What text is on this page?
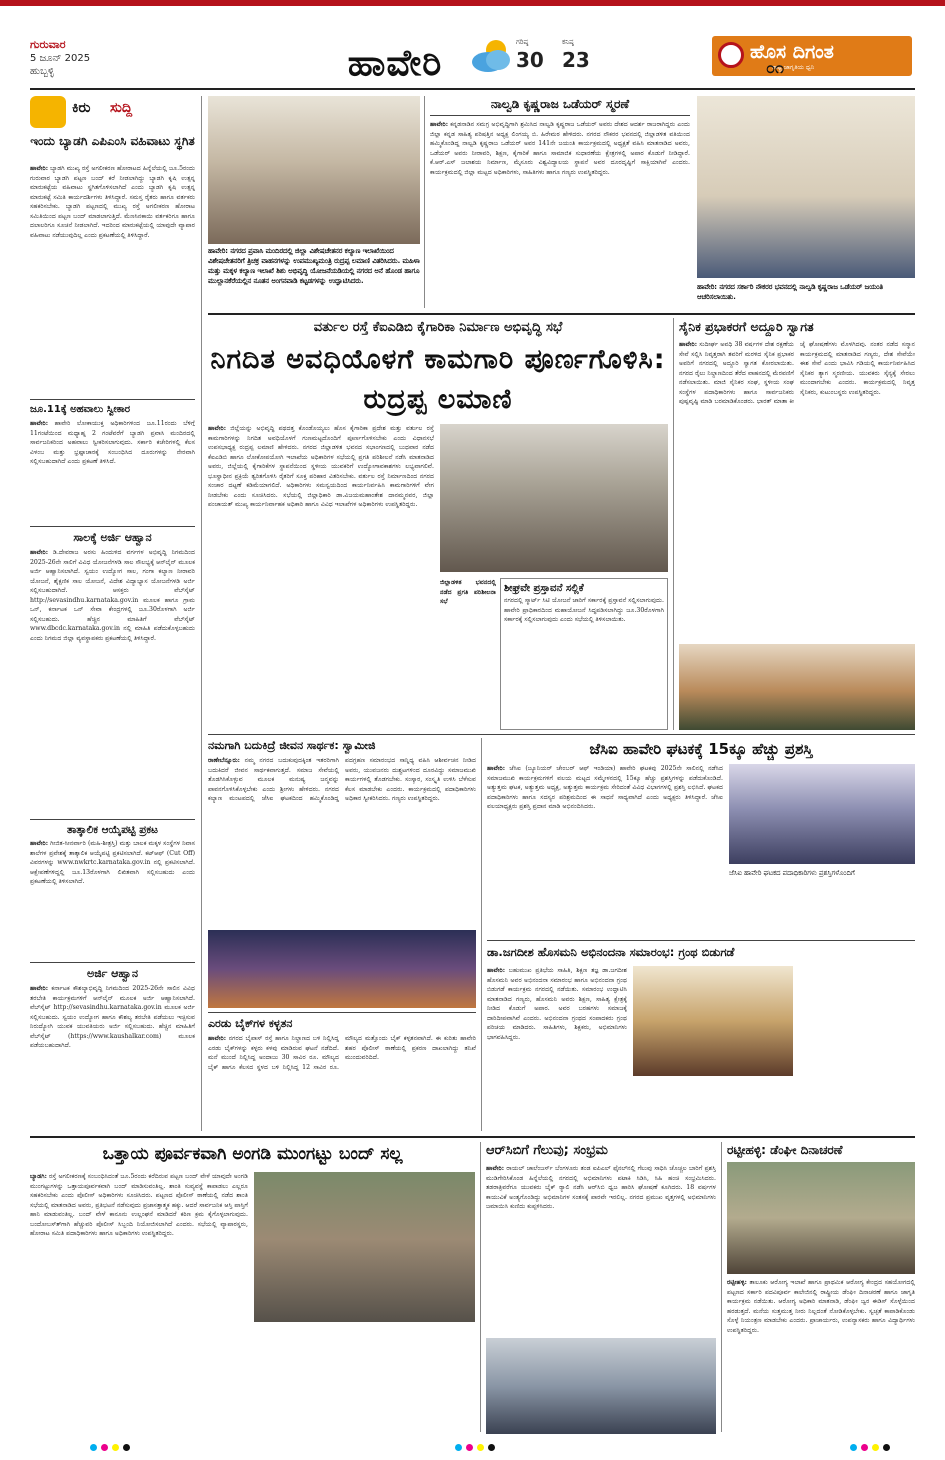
ಗುರುವಾರ
5 ಜೂನ್ 2025
ಹುಬ್ಬಳ್ಳಿ	ಹಾವೇರಿ
ಗರಿಷ್ಠ
30
ಕನಿಷ್ಠ
23	ಹೊಸ ದಿಗಂತ
ರಾಷ್ಟ್ರ ಜಾಗೃತಿಯ ಧ್ವನಿ
೦೧
ಕಿರು ಸುದ್ದಿ
ಇಂದು ಬ್ಯಾಡಗಿ ಎಪಿಎಂಸಿ ವಹಿವಾಟು ಸ್ಥಗಿತ
ಹಾವೇರಿ: ಬ್ಯಾಡಗಿ ಮುಖ್ಯ ರಸ್ತೆ ಅಗಲೀಕರಣ ಹೋರಾಟದ ಹಿನ್ನೆಲೆಯಲ್ಲಿ ಜೂ.5ರಂದು ಗುರುವಾರ ಬ್ಯಾಡಗಿ ಪಟ್ಟಣ ಬಂದ್ ಕರೆ ನೀಡಲಾಗಿದ್ದು ಬ್ಯಾಡಗಿ ಕೃಷಿ ಉತ್ಪನ್ನ ಮಾರುಕಟ್ಟೆಯ ವಹಿವಾಟು ಸ್ಥಗಿತಗೊಳಿಸಲಾಗಿದೆ ಎಂದು ಬ್ಯಾಡಗಿ ಕೃಷಿ ಉತ್ಪನ್ನ ಮಾರುಕಟ್ಟೆ ಸಮಿತಿ ಕಾರ್ಯದರ್ಶಿಗಳು ತಿಳಿಸಿದ್ದಾರೆ. ಸಮಸ್ತ ರೈತರು ಹಾಗೂ ವರ್ತಕರು ಸಹಕರಿಸಬೇಕು. ಬ್ಯಾಡಗಿ ಪಟ್ಟಣದಲ್ಲಿ ಮುಖ್ಯ ರಸ್ತೆ ಅಗಲೀಕರಣ ಹೋರಾಟ ಸಮಿತಿಯಿಂದ ಪಟ್ಟಣ ಬಂದ್ ಮಾಡಲಾಗುತ್ತಿದೆ. ಮೆಣಸಿನಕಾಯಿ ವರ್ತಕರಿಗೂ ಹಾಗೂ ದಲಾಲರಿಗೂ ಸೂಚನೆ ನೀಡಲಾಗಿದೆ. ಇದರಿಂದ ಮಾರುಕಟ್ಟೆಯಲ್ಲಿ ಯಾವುದೇ ವ್ಯಾಪಾರ ವಹಿವಾಟು ನಡೆಯುವುದಿಲ್ಲ ಎಂದು ಪ್ರಕಟಣೆಯಲ್ಲಿ ತಿಳಿಸಿದ್ದಾರೆ.
ಜೂ.11ಕ್ಕೆ ಅಹವಾಲು ಸ್ವೀಕಾರ
ಹಾವೇರಿ: ಹಾವೇರಿ ಲೋಕಾಯುಕ್ತ ಅಧಿಕಾರಿಗಳಿಂದ ಜೂ.11ರಂದು ಬೆಳಿಗ್ಗೆ 11ಗಂಟೆಯಿಂದ ಮಧ್ಯಾಹ್ನ 2 ಗಂಟೆವರೆಗೆ ಬ್ಯಾಡಗಿ ಪ್ರವಾಸಿ ಮಂದಿರದಲ್ಲಿ ಸಾರ್ವಜನಿಕರಿಂದ ಅಹವಾಲು ಸ್ವೀಕರಿಸಲಾಗುವುದು. ಸರ್ಕಾರಿ ಕಚೇರಿಗಳಲ್ಲಿ ಕೆಲಸ ವಿಳಂಬ ಮತ್ತು ಭ್ರಷ್ಟಾಚಾರಕ್ಕೆ ಸಂಬಂಧಿಸಿದ ದೂರುಗಳನ್ನು ನೇರವಾಗಿ ಸಲ್ಲಿಸಬಹುದಾಗಿದೆ ಎಂದು ಪ್ರಕಟಣೆ ತಿಳಿಸಿದೆ.
ಸಾಲಕ್ಕೆ ಅರ್ಜಿ ಆಹ್ವಾನ
ಹಾವೇರಿ: ಡಿ.ದೇವರಾಜ ಅರಸು ಹಿಂದುಳಿದ ವರ್ಗಗಳ ಅಭಿವೃದ್ಧಿ ನಿಗಮದಿಂದ 2025-26ನೇ ಸಾಲಿಗೆ ವಿವಿಧ ಯೋಜನೆಗಳಡಿ ಸಾಲ ಸೌಲಭ್ಯಕ್ಕೆ ಆನ್‍ಲೈನ್ ಮೂಲಕ ಅರ್ಜಿ ಆಹ್ವಾನಿಸಲಾಗಿದೆ. ಸ್ವಯಂ ಉದ್ಯೋಗ ಸಾಲ, ಗಂಗಾ ಕಲ್ಯಾಣ ನೀರಾವರಿ ಯೋಜನೆ, ಶೈಕ್ಷಣಿಕ ಸಾಲ ಯೋಜನೆ, ವಿದೇಶ ವಿದ್ಯಾಭ್ಯಾಸ ಯೋಜನೆಗಳಡಿ ಅರ್ಜಿ ಸಲ್ಲಿಸಬಹುದಾಗಿದೆ. ಆಸಕ್ತರು ವೆಬ್‍ಸೈಟ್ http://sevasindhu.karnataka.gov.in ಮೂಲಕ ಹಾಗೂ ಗ್ರಾಮ ಒನ್, ಕರ್ನಾಟಕ ಒನ್ ಸೇವಾ ಕೇಂದ್ರಗಳಲ್ಲಿ ಜೂ.30ರೊಳಗಾಗಿ ಅರ್ಜಿ ಸಲ್ಲಿಸಬಹುದು. ಹೆಚ್ಚಿನ ಮಾಹಿತಿಗೆ ವೆಬ್‍ಸೈಟ್ www.dbcdc.karnataka.gov.in ನಲ್ಲಿ ಮಾಹಿತಿ ಪಡೆದುಕೊಳ್ಳಬಹುದು ಎಂದು ನಿಗಮದ ಜಿಲ್ಲಾ ವ್ಯವಸ್ಥಾಪಕರು ಪ್ರಕಟಣೆಯಲ್ಲಿ ತಿಳಿಸಿದ್ದಾರೆ.
ತಾತ್ಕಾಲಿಕ ಆಯ್ಕೆಪಟ್ಟಿ ಪ್ರಕಟ
ಹಾವೇರಿ: ಗೀಜಿತ-ಸೀನರ್ವಾರಿ (ಮಹಿ-ಶೀತ್ರಸ್ತಿ) ಮತ್ತು ಬಾಲಕ ಮಕ್ಕಳ ಸಂಸ್ಥೆಗಳ ನಿವಾಸ ಶಾಲೆಗಳ ಪ್ರವೇಶಕ್ಕೆ ತಾತ್ಕಾಲಿಕ ಆಯ್ಕೆಪಟ್ಟಿ ಪ್ರಕಟಿಸಲಾಗಿದೆ. ಕಟ್‍ಆಫ್ (Cut Off) ವಿವರಗಳನ್ನು www.nwkrtc.karnataka.gov.in ನಲ್ಲಿ ಪ್ರಕಟಿಸಲಾಗಿದೆ. ಆಕ್ಷೇಪಣೆಗಳಿದ್ದಲ್ಲಿ ಜೂ.13ರೊಳಗಾಗಿ ಲಿಖಿತವಾಗಿ ಸಲ್ಲಿಸಬಹುದು ಎಂದು ಪ್ರಕಟಣೆಯಲ್ಲಿ ತಿಳಿಸಲಾಗಿದೆ.
ಅರ್ಜಿ ಆಹ್ವಾನ
ಹಾವೇರಿ: ಕರ್ನಾಟಕ ಕೌಶಲ್ಯಾಭಿವೃದ್ಧಿ ನಿಗಮದಿಂದ 2025-26ನೇ ಸಾಲಿನ ವಿವಿಧ ತರಬೇತಿ ಕಾರ್ಯಕ್ರಮಗಳಿಗೆ ಆನ್‍ಲೈನ್ ಮೂಲಕ ಅರ್ಜಿ ಆಹ್ವಾನಿಸಲಾಗಿದೆ. ವೆಬ್‍ಸೈಟ್ http://sevasindhu.karnataka.gov.in ಮೂಲಕ ಅರ್ಜಿ ಸಲ್ಲಿಸಬಹುದು. ಸ್ವಯಂ ಉದ್ಯೋಗ ಹಾಗೂ ಕೌಶಲ್ಯ ತರಬೇತಿ ಪಡೆಯಲು ಇಚ್ಛಿಸುವ ನಿರುದ್ಯೋಗಿ ಯುವಕ ಯುವತಿಯರು ಅರ್ಜಿ ಸಲ್ಲಿಸಬಹುದು. ಹೆಚ್ಚಿನ ಮಾಹಿತಿಗೆ ವೆಬ್‍ಸೈಟ್ (https://www.kaushalkar.com) ಮೂಲಕ ಪಡೆಯಬಹುದಾಗಿದೆ.
ಹಾವೇರಿ: ನಗರದ ಪ್ರವಾಸಿ ಮಂದಿರದಲ್ಲಿ ಜಿಲ್ಲಾ ವಿಶೇಷಚೇತನರ ಕಲ್ಯಾಣ ಇಲಾಖೆಯಿಂದ ವಿಶೇಷಚೇತನರಿಗೆ ತ್ರಿಚಕ್ರ ವಾಹನಗಳನ್ನು ಉಪಮುಖ್ಯಮಂತ್ರಿ ರುದ್ರಪ್ಪ ಲಮಾಣಿ ವಿತರಿಸಿದರು. ಮಹಿಳಾ ಮತ್ತು ಮಕ್ಕಳ ಕಲ್ಯಾಣ ಇಲಾಖೆ ಶಿಶು ಅಭಿವೃದ್ಧಿ ಯೋಜನೆಯಡಿಯಲ್ಲಿ ನಗರದ ಅನೆ ಹೊಂಡ ಹಾಗೂ ಮುಲ್ಲಾನಕೆರೆಯಲ್ಲಿನ ನೂತನ ಅಂಗನವಾಡಿ ಕಟ್ಟಡಗಳನ್ನು ಉದ್ಘಾಟಿಸಿದರು.
ನಾಲ್ವಡಿ ಕೃಷ್ಣರಾಜ ಒಡೆಯರ್ ಸ್ಮರಣೆ
ಹಾವೇರಿ: ಕನ್ನಡನಾಡಿನ ಸಮಗ್ರ ಅಭಿವೃದ್ಧಿಗಾಗಿ ಶ್ರಮಿಸಿದ ನಾಲ್ವಡಿ ಕೃಷ್ಣರಾಜ ಒಡೆಯರ್ ಅವರು ದೇಶದ ಆದರ್ಶ ರಾಜರಾಗಿದ್ದರು ಎಂದು ಜಿಲ್ಲಾ ಕನ್ನಡ ಸಾಹಿತ್ಯ ಪರಿಷತ್ತಿನ ಅಧ್ಯಕ್ಷ ಲಿಂಗಯ್ಯ ಬಿ. ಹಿರೇಮಠ ಹೇಳಿದರು. ನಗರದ ನೌಕರರ ಭವನದಲ್ಲಿ ಜಿಲ್ಲಾಡಳಿತ ವತಿಯಿಂದ ಹಮ್ಮಿಕೊಂಡಿದ್ದ ನಾಲ್ವಡಿ ಕೃಷ್ಣರಾಜ ಒಡೆಯರ್ ಅವರ 141ನೇ ಜಯಂತಿ ಕಾರ್ಯಕ್ರಮದಲ್ಲಿ ಅಧ್ಯಕ್ಷತೆ ವಹಿಸಿ ಮಾತನಾಡಿದ ಅವರು, ಒಡೆಯರ್ ಅವರು ನೀರಾವರಿ, ಶಿಕ್ಷಣ, ಕೈಗಾರಿಕೆ ಹಾಗೂ ಸಾಮಾಜಿಕ ಸುಧಾರಣೆಯ ಕ್ಷೇತ್ರಗಳಲ್ಲಿ ಅಪಾರ ಕೊಡುಗೆ ನೀಡಿದ್ದಾರೆ. ಕೆ.ಆರ್.ಎಸ್ ಜಲಾಶಯ ನಿರ್ಮಾಣ, ಮೈಸೂರು ವಿಶ್ವವಿದ್ಯಾಲಯ ಸ್ಥಾಪನೆ ಅವರ ದೂರದೃಷ್ಟಿಗೆ ಸಾಕ್ಷಿಯಾಗಿವೆ ಎಂದರು. ಕಾರ್ಯಕ್ರಮದಲ್ಲಿ ಜಿಲ್ಲಾ ಮಟ್ಟದ ಅಧಿಕಾರಿಗಳು, ಸಾಹಿತಿಗಳು ಹಾಗೂ ಗಣ್ಯರು ಉಪಸ್ಥಿತರಿದ್ದರು.
ಹಾವೇರಿ: ನಗರದ ಸರ್ಕಾರಿ ನೌಕರರ ಭವನದಲ್ಲಿ ನಾಲ್ವಡಿ ಕೃಷ್ಣರಾಜ ಒಡೆಯರ್ ಜಯಂತಿ ಆಚರಿಸಲಾಯಿತು.
ವರ್ತುಲ ರಸ್ತೆ ಕೆಐಎಡಿಬಿ ಕೈಗಾರಿಕಾ ನಿರ್ಮಾಣ ಅಭಿವೃದ್ಧಿ ಸಭೆ
ನಿಗದಿತ ಅವಧಿಯೊಳಗೆ ಕಾಮಗಾರಿ ಪೂರ್ಣಗೊಳಿಸಿ: ರುದ್ರಪ್ಪ ಲಮಾಣಿ
ಹಾವೇರಿ: ಜಿಲ್ಲೆಯನ್ನು ಅಭಿವೃದ್ಧಿ ಪಥದತ್ತ ಕೊಂಡೊಯ್ಯಲು ಹೊಸ ಕೈಗಾರಿಕಾ ಪ್ರದೇಶ ಮತ್ತು ವರ್ತುಲ ರಸ್ತೆ ಕಾಮಗಾರಿಗಳನ್ನು ನಿಗದಿತ ಅವಧಿಯೊಳಗೆ ಗುಣಮಟ್ಟದೊಂದಿಗೆ ಪೂರ್ಣಗೊಳಿಸಬೇಕು ಎಂದು ವಿಧಾನಸಭೆ ಉಪಸಭಾಧ್ಯಕ್ಷ ರುದ್ರಪ್ಪ ಲಮಾಣಿ ಹೇಳಿದರು. ನಗರದ ಜಿಲ್ಲಾಡಳಿತ ಭವನದ ಸಭಾಂಗಣದಲ್ಲಿ ಬುಧವಾರ ನಡೆದ ಕೆಐಎಡಿಬಿ ಹಾಗೂ ಲೋಕೋಪಯೋಗಿ ಇಲಾಖೆಯ ಅಧಿಕಾರಿಗಳ ಸಭೆಯಲ್ಲಿ ಪ್ರಗತಿ ಪರಿಶೀಲನೆ ನಡೆಸಿ ಮಾತನಾಡಿದ ಅವರು, ಜಿಲ್ಲೆಯಲ್ಲಿ ಕೈಗಾರಿಕೆಗಳ ಸ್ಥಾಪನೆಯಿಂದ ಸ್ಥಳೀಯ ಯುವಕರಿಗೆ ಉದ್ಯೋಗಾವಕಾಶಗಳು ಲಭ್ಯವಾಗಲಿವೆ. ಭೂಸ್ವಾಧೀನ ಪ್ರಕ್ರಿಯೆ ತ್ವರಿತಗೊಳಿಸಿ ರೈತರಿಗೆ ಸೂಕ್ತ ಪರಿಹಾರ ವಿತರಿಸಬೇಕು. ವರ್ತುಲ ರಸ್ತೆ ನಿರ್ಮಾಣದಿಂದ ನಗರದ ಸಂಚಾರ ದಟ್ಟಣೆ ಕಡಿಮೆಯಾಗಲಿದೆ. ಅಧಿಕಾರಿಗಳು ಸಮನ್ವಯದಿಂದ ಕಾರ್ಯನಿರ್ವಹಿಸಿ ಕಾಮಗಾರಿಗಳಿಗೆ ವೇಗ ನೀಡಬೇಕು ಎಂದು ಸೂಚಿಸಿದರು. ಸಭೆಯಲ್ಲಿ ಜಿಲ್ಲಾಧಿಕಾರಿ ಡಾ.ವಿಜಯಮಹಾಂತೇಶ ದಾನಮ್ಮನವರ, ಜಿಲ್ಲಾ ಪಂಚಾಯತ್ ಮುಖ್ಯ ಕಾರ್ಯನಿರ್ವಾಹಕ ಅಧಿಕಾರಿ ಹಾಗೂ ವಿವಿಧ ಇಲಾಖೆಗಳ ಅಧಿಕಾರಿಗಳು ಉಪಸ್ಥಿತರಿದ್ದರು.
ಶೀಘ್ರವೇ ಪ್ರಸ್ತಾವನೆ ಸಲ್ಲಿಕೆ
ನಗರದಲ್ಲಿ ಸ್ಮಾರ್ಟ್ ಸಿಟಿ ಯೋಜನೆ ಜಾರಿಗೆ ಸರ್ಕಾರಕ್ಕೆ ಪ್ರಸ್ತಾವನೆ ಸಲ್ಲಿಸಲಾಗುವುದು. ಹಾವೇರಿ ಪ್ರಾಧಿಕಾರದಿಂದ ಮಹಾಯೋಜನೆ ಸಿದ್ಧಪಡಿಸಲಾಗಿದ್ದು ಜೂ.30ರೊಳಗಾಗಿ ಸರ್ಕಾರಕ್ಕೆ ಸಲ್ಲಿಸಲಾಗುವುದು ಎಂದು ಸಭೆಯಲ್ಲಿ ತಿಳಿಸಲಾಯಿತು.
ಜಿಲ್ಲಾಡಳಿತ ಭವನದಲ್ಲಿ ನಡೆದ ಪ್ರಗತಿ ಪರಿಶೀಲನಾ ಸಭೆ
ಸೈನಿಕ ಪ್ರಭಾಕರಗೆ ಅದ್ದೂರಿ ಸ್ವಾಗತ
ಹಾವೇರಿ: ಸುದೀರ್ಘ ಅವಧಿ 38 ವರ್ಷಗಳ ದೇಶ ರಕ್ಷಣೆಯ ಸೇವೆ ಸಲ್ಲಿಸಿ ನಿವೃತ್ತರಾಗಿ ತವರಿಗೆ ಮರಳಿದ ಸೈನಿಕ ಪ್ರಭಾಕರ ಅವರಿಗೆ ನಗರದಲ್ಲಿ ಅದ್ದೂರಿ ಸ್ವಾಗತ ಕೋರಲಾಯಿತು. ನಗರದ ರೈಲು ನಿಲ್ದಾಣದಿಂದ ತೆರೆದ ವಾಹನದಲ್ಲಿ ಮೆರವಣಿಗೆ ನಡೆಸಲಾಯಿತು. ಮಾಜಿ ಸೈನಿಕರ ಸಂಘ, ಸ್ಥಳೀಯ ಸಂಘ ಸಂಸ್ಥೆಗಳ ಪದಾಧಿಕಾರಿಗಳು ಹಾಗೂ ಸಾರ್ವಜನಿಕರು ಪುಷ್ಪವೃಷ್ಟಿ ಮಾಡಿ ಬರಮಾಡಿಕೊಂಡರು. ಭಾರತ್ ಮಾತಾ ಕೀ ಜೈ ಘೋಷಣೆಗಳು ಮೊಳಗಿದವು. ನಂತರ ನಡೆದ ಸನ್ಮಾನ ಕಾರ್ಯಕ್ರಮದಲ್ಲಿ ಮಾತನಾಡಿದ ಗಣ್ಯರು, ದೇಶ ಸೇವೆಯೇ ಈಶ ಸೇವೆ ಎಂದು ಭಾವಿಸಿ ಗಡಿಯಲ್ಲಿ ಕಾರ್ಯನಿರ್ವಹಿಸಿದ ಸೈನಿಕರ ತ್ಯಾಗ ಸ್ಮರಣೀಯ. ಯುವಕರು ಸೈನ್ಯಕ್ಕೆ ಸೇರಲು ಮುಂದಾಗಬೇಕು ಎಂದರು. ಕಾರ್ಯಕ್ರಮದಲ್ಲಿ ನಿವೃತ್ತ ಸೈನಿಕರು, ಕುಟುಂಬಸ್ಥರು ಉಪಸ್ಥಿತರಿದ್ದರು.
ನಮಗಾಗಿ ಬದುಕಿದ್ರೆ ಜೀವನ ಸಾರ್ಥಕ: ಸ್ವಾಮೀಜಿ
ರಾಣೇಬೆನ್ನೂರು: ನಮ್ಮ ನಗರದ ಬದುಕುವುದಕ್ಕಿಂತ ಇತರರಿಗಾಗಿ ಬದುಕಿದರೆ ಜೀವನ ಸಾರ್ಥಕವಾಗುತ್ತದೆ. ಸಮಾಜ ಸೇವೆಯಲ್ಲಿ ತೊಡಗಿಸಿಕೊಳ್ಳುವ ಮೂಲಕ ಮನುಷ್ಯ ಜನ್ಮವನ್ನು ಪಾವನಗೊಳಿಸಿಕೊಳ್ಳಬೇಕು ಎಂದು ಶ್ರೀಗಳು ಹೇಳಿದರು. ನಗರದ ಕಲ್ಯಾಣ ಮಂಟಪದಲ್ಲಿ ಜೆಸಿಐ ಘಟಕದಿಂದ ಹಮ್ಮಿಕೊಂಡಿದ್ದ ಪದಗ್ರಹಣ ಸಮಾರಂಭದ ಸಾನ್ನಿಧ್ಯ ವಹಿಸಿ ಆಶೀರ್ವಚನ ನೀಡಿದ ಅವರು, ಯುವಜನರು ದುಶ್ಚಟಗಳಿಂದ ದೂರವಿದ್ದು ಸಮಾಜಮುಖಿ ಕಾರ್ಯಗಳಲ್ಲಿ ತೊಡಗಬೇಕು. ಸಂಸ್ಕಾರ, ಸಂಸ್ಕೃತಿ ಉಳಿಸಿ ಬೆಳೆಸುವ ಕೆಲಸ ಮಾಡಬೇಕು ಎಂದರು. ಕಾರ್ಯಕ್ರಮದಲ್ಲಿ ಪದಾಧಿಕಾರಿಗಳು ಅಧಿಕಾರ ಸ್ವೀಕರಿಸಿದರು. ಗಣ್ಯರು ಉಪಸ್ಥಿತರಿದ್ದರು.
ಎರಡು ಬೈಕ್‍ಗಳ ಕಳ್ಳತನ
ಹಾವೇರಿ: ನಗರದ ಬೈಪಾಸ್ ರಸ್ತೆ ಹಾಗೂ ನಿಲ್ದಾಣದ ಬಳಿ ನಿಲ್ಲಿಸಿದ್ದ ಎರಡು ಬೈಕ್‍ಗಳನ್ನು ಕಳ್ಳರು ಕಳವು ಮಾಡಿರುವ ಘಟನೆ ನಡೆದಿದೆ. ಮನೆ ಮುಂದೆ ನಿಲ್ಲಿಸಿದ್ದ ಅಂದಾಜು 30 ಸಾವಿರ ರೂ. ಮೌಲ್ಯದ ಬೈಕ್ ಹಾಗೂ ಕೆಲಸದ ಸ್ಥಳದ ಬಳಿ ನಿಲ್ಲಿಸಿದ್ದ 12 ಸಾವಿರ ರೂ. ಮೌಲ್ಯದ ಮತ್ತೊಂದು ಬೈಕ್ ಕಳ್ಳತನವಾಗಿದೆ. ಈ ಕುರಿತು ಹಾವೇರಿ ಶಹರ ಪೊಲೀಸ್ ಠಾಣೆಯಲ್ಲಿ ಪ್ರಕರಣ ದಾಖಲಾಗಿದ್ದು ತನಿಖೆ ಮುಂದುವರಿದಿದೆ.
ಜೆಸಿಐ ಹಾವೇರಿ ಘಟಕಕ್ಕೆ 15ಕ್ಕೂ ಹೆಚ್ಚು ಪ್ರಶಸ್ತಿ
ಹಾವೇರಿ: ಜೆಸಿಐ (ಜ್ಯೂನಿಯರ್ ಚೇಂಬರ್ ಆಫ್ ಇಂಡಿಯಾ) ಹಾವೇರಿ ಘಟಕವು 2025ನೇ ಸಾಲಿನಲ್ಲಿ ನಡೆಸಿದ ಸಮಾಜಮುಖಿ ಕಾರ್ಯಕ್ರಮಗಳಿಗೆ ವಲಯ ಮಟ್ಟದ ಸಮ್ಮೇಳನದಲ್ಲಿ 15ಕ್ಕೂ ಹೆಚ್ಚು ಪ್ರಶಸ್ತಿಗಳನ್ನು ಪಡೆದುಕೊಂಡಿದೆ. ಅತ್ಯುತ್ತಮ ಘಟಕ, ಅತ್ಯುತ್ತಮ ಅಧ್ಯಕ್ಷ, ಅತ್ಯುತ್ತಮ ಕಾರ್ಯಕ್ರಮ ಸೇರಿದಂತೆ ವಿವಿಧ ವಿಭಾಗಗಳಲ್ಲಿ ಪ್ರಶಸ್ತಿ ಲಭಿಸಿದೆ. ಘಟಕದ ಪದಾಧಿಕಾರಿಗಳು ಹಾಗೂ ಸದಸ್ಯರ ಪರಿಶ್ರಮದಿಂದ ಈ ಸಾಧನೆ ಸಾಧ್ಯವಾಗಿದೆ ಎಂದು ಅಧ್ಯಕ್ಷರು ತಿಳಿಸಿದ್ದಾರೆ. ಜೆಸಿಐ ವಲಯಾಧ್ಯಕ್ಷರು ಪ್ರಶಸ್ತಿ ಪ್ರದಾನ ಮಾಡಿ ಅಭಿನಂದಿಸಿದರು.
ಜೆಸಿಐ ಹಾವೇರಿ ಘಟಕದ ಪದಾಧಿಕಾರಿಗಳು ಪ್ರಶಸ್ತಿಗಳೊಂದಿಗೆ
ಡಾ.ಜಗದೀಶ ಹೊಸಮನಿ ಅಭಿನಂದನಾ ಸಮಾರಂಭ: ಗ್ರಂಥ ಬಿಡುಗಡೆ
ಹಾವೇರಿ: ಬಹುಮುಖ ಪ್ರತಿಭೆಯ ಸಾಹಿತಿ, ಶಿಕ್ಷಣ ತಜ್ಞ ಡಾ.ಜಗದೀಶ ಹೊಸಮನಿ ಅವರ ಅಭಿನಂದನಾ ಸಮಾರಂಭ ಹಾಗೂ ಅಭಿನಂದನಾ ಗ್ರಂಥ ಬಿಡುಗಡೆ ಕಾರ್ಯಕ್ರಮ ನಗರದಲ್ಲಿ ನಡೆಯಿತು. ಸಮಾರಂಭ ಉದ್ಘಾಟಿಸಿ ಮಾತನಾಡಿದ ಗಣ್ಯರು, ಹೊಸಮನಿ ಅವರು ಶಿಕ್ಷಣ, ಸಾಹಿತ್ಯ ಕ್ಷೇತ್ರಕ್ಕೆ ನೀಡಿದ ಕೊಡುಗೆ ಅಪಾರ. ಅವರ ಬರಹಗಳು ಸಮಾಜಕ್ಕೆ ದಾರಿದೀಪವಾಗಿವೆ ಎಂದರು. ಅಭಿನಂದನಾ ಗ್ರಂಥದ ಸಂಪಾದಕರು ಗ್ರಂಥ ಪರಿಚಯ ಮಾಡಿದರು. ಸಾಹಿತಿಗಳು, ಶಿಕ್ಷಕರು, ಅಭಿಮಾನಿಗಳು ಭಾಗವಹಿಸಿದ್ದರು.
ಒತ್ತಾಯ ಪೂರ್ವಕವಾಗಿ ಅಂಗಡಿ ಮುಂಗಟ್ಟು ಬಂದ್ ಸಲ್ಲ
ಬ್ಯಾಡಗಿ: ರಸ್ತೆ ಅಗಲೀಕರಣಕ್ಕೆ ಸಂಬಂಧಿಸಿದಂತೆ ಜೂ.5ರಂದು ಕರೆದಿರುವ ಪಟ್ಟಣ ಬಂದ್ ವೇಳೆ ಯಾವುದೇ ಅಂಗಡಿ ಮುಂಗಟ್ಟುಗಳನ್ನು ಒತ್ತಾಯಪೂರ್ವಕವಾಗಿ ಬಂದ್ ಮಾಡಿಸುವಂತಿಲ್ಲ. ಶಾಂತಿ ಸುವ್ಯವಸ್ಥೆ ಕಾಪಾಡಲು ಎಲ್ಲರೂ ಸಹಕರಿಸಬೇಕು ಎಂದು ಪೊಲೀಸ್ ಅಧಿಕಾರಿಗಳು ಸೂಚಿಸಿದರು. ಪಟ್ಟಣದ ಪೊಲೀಸ್ ಠಾಣೆಯಲ್ಲಿ ನಡೆದ ಶಾಂತಿ ಸಭೆಯಲ್ಲಿ ಮಾತನಾಡಿದ ಅವರು, ಪ್ರತಿಭಟನೆ ನಡೆಸುವುದು ಪ್ರಜಾಸತ್ತಾತ್ಮಕ ಹಕ್ಕು. ಆದರೆ ಸಾರ್ವಜನಿಕ ಆಸ್ತಿ ಪಾಸ್ತಿಗೆ ಹಾನಿ ಮಾಡುವಂತಿಲ್ಲ. ಬಂದ್ ವೇಳೆ ಕಾನೂನು ಉಲ್ಲಂಘನೆ ಮಾಡಿದರೆ ಕಠಿಣ ಕ್ರಮ ಕೈಗೊಳ್ಳಲಾಗುವುದು. ಬಂದೋಬಸ್ತ್‍ಗಾಗಿ ಹೆಚ್ಚುವರಿ ಪೊಲೀಸ್ ಸಿಬ್ಬಂದಿ ನಿಯೋಜಿಸಲಾಗಿದೆ ಎಂದರು. ಸಭೆಯಲ್ಲಿ ವ್ಯಾಪಾರಸ್ಥರು, ಹೋರಾಟ ಸಮಿತಿ ಪದಾಧಿಕಾರಿಗಳು ಹಾಗೂ ಅಧಿಕಾರಿಗಳು ಉಪಸ್ಥಿತರಿದ್ದರು.
ಆರ್‌ಸಿಬಿಗೆ ಗೆಲುವು; ಸಂಭ್ರಮ
ಹಾವೇರಿ: ರಾಯಲ್ ಚಾಲೆಂಜರ್ಸ್ ಬೆಂಗಳೂರು ತಂಡ ಐಪಿಎಲ್ ಫೈನಲ್‍ನಲ್ಲಿ ಗೆಲುವು ಸಾಧಿಸಿ ಚೊಚ್ಚಲ ಬಾರಿಗೆ ಪ್ರಶಸ್ತಿ ಮುಡಿಗೇರಿಸಿಕೊಂಡ ಹಿನ್ನೆಲೆಯಲ್ಲಿ ನಗರದಲ್ಲಿ ಅಭಿಮಾನಿಗಳು ಪಟಾಕಿ ಸಿಡಿಸಿ, ಸಿಹಿ ಹಂಚಿ ಸಂಭ್ರಮಿಸಿದರು. ತಡರಾತ್ರಿವರೆಗೂ ಯುವಕರು ಬೈಕ್ ರ್‍ಯಾಲಿ ನಡೆಸಿ ಆರ್‌ಸಿಬಿ ಧ್ವಜ ಹಾರಿಸಿ ಘೋಷಣೆ ಕೂಗಿದರು. 18 ವರ್ಷಗಳ ಕಾಯುವಿಕೆ ಅಂತ್ಯಗೊಂಡಿದ್ದು ಅಭಿಮಾನಿಗಳ ಸಂತಸಕ್ಕೆ ಪಾರವೇ ಇರಲಿಲ್ಲ. ನಗರದ ಪ್ರಮುಖ ವೃತ್ತಗಳಲ್ಲಿ ಅಭಿಮಾನಿಗಳು ಜಮಾಯಿಸಿ ಕುಣಿದು ಕುಪ್ಪಳಿಸಿದರು.
ರಟ್ಟೀಹಳ್ಳಿ: ಡೆಂಘೀ ದಿನಾಚರಣೆ
ರಟ್ಟೀಹಳ್ಳಿ: ತಾಲೂಕು ಆರೋಗ್ಯ ಇಲಾಖೆ ಹಾಗೂ ಪ್ರಾಥಮಿಕ ಆರೋಗ್ಯ ಕೇಂದ್ರದ ಸಹಯೋಗದಲ್ಲಿ ಪಟ್ಟಣದ ಸರ್ಕಾರಿ ಪದವಿಪೂರ್ವ ಕಾಲೇಜಿನಲ್ಲಿ ರಾಷ್ಟ್ರೀಯ ಡೆಂಘೀ ದಿನಾಚರಣೆ ಹಾಗೂ ಜಾಗೃತಿ ಕಾರ್ಯಕ್ರಮ ನಡೆಯಿತು. ಆರೋಗ್ಯ ಅಧಿಕಾರಿ ಮಾತನಾಡಿ, ಡೆಂಘೀ ಜ್ವರ ಈಡಿಸ್ ಸೊಳ್ಳೆಯಿಂದ ಹರಡುತ್ತದೆ. ಮನೆಯ ಸುತ್ತಮುತ್ತ ನೀರು ನಿಲ್ಲದಂತೆ ನೋಡಿಕೊಳ್ಳಬೇಕು. ಸ್ವಚ್ಛತೆ ಕಾಪಾಡಿಕೊಂಡು ಸೊಳ್ಳೆ ನಿಯಂತ್ರಣ ಮಾಡಬೇಕು ಎಂದರು. ಪ್ರಾಚಾರ್ಯರು, ಉಪನ್ಯಾಸಕರು ಹಾಗೂ ವಿದ್ಯಾರ್ಥಿಗಳು ಉಪಸ್ಥಿತರಿದ್ದರು.
